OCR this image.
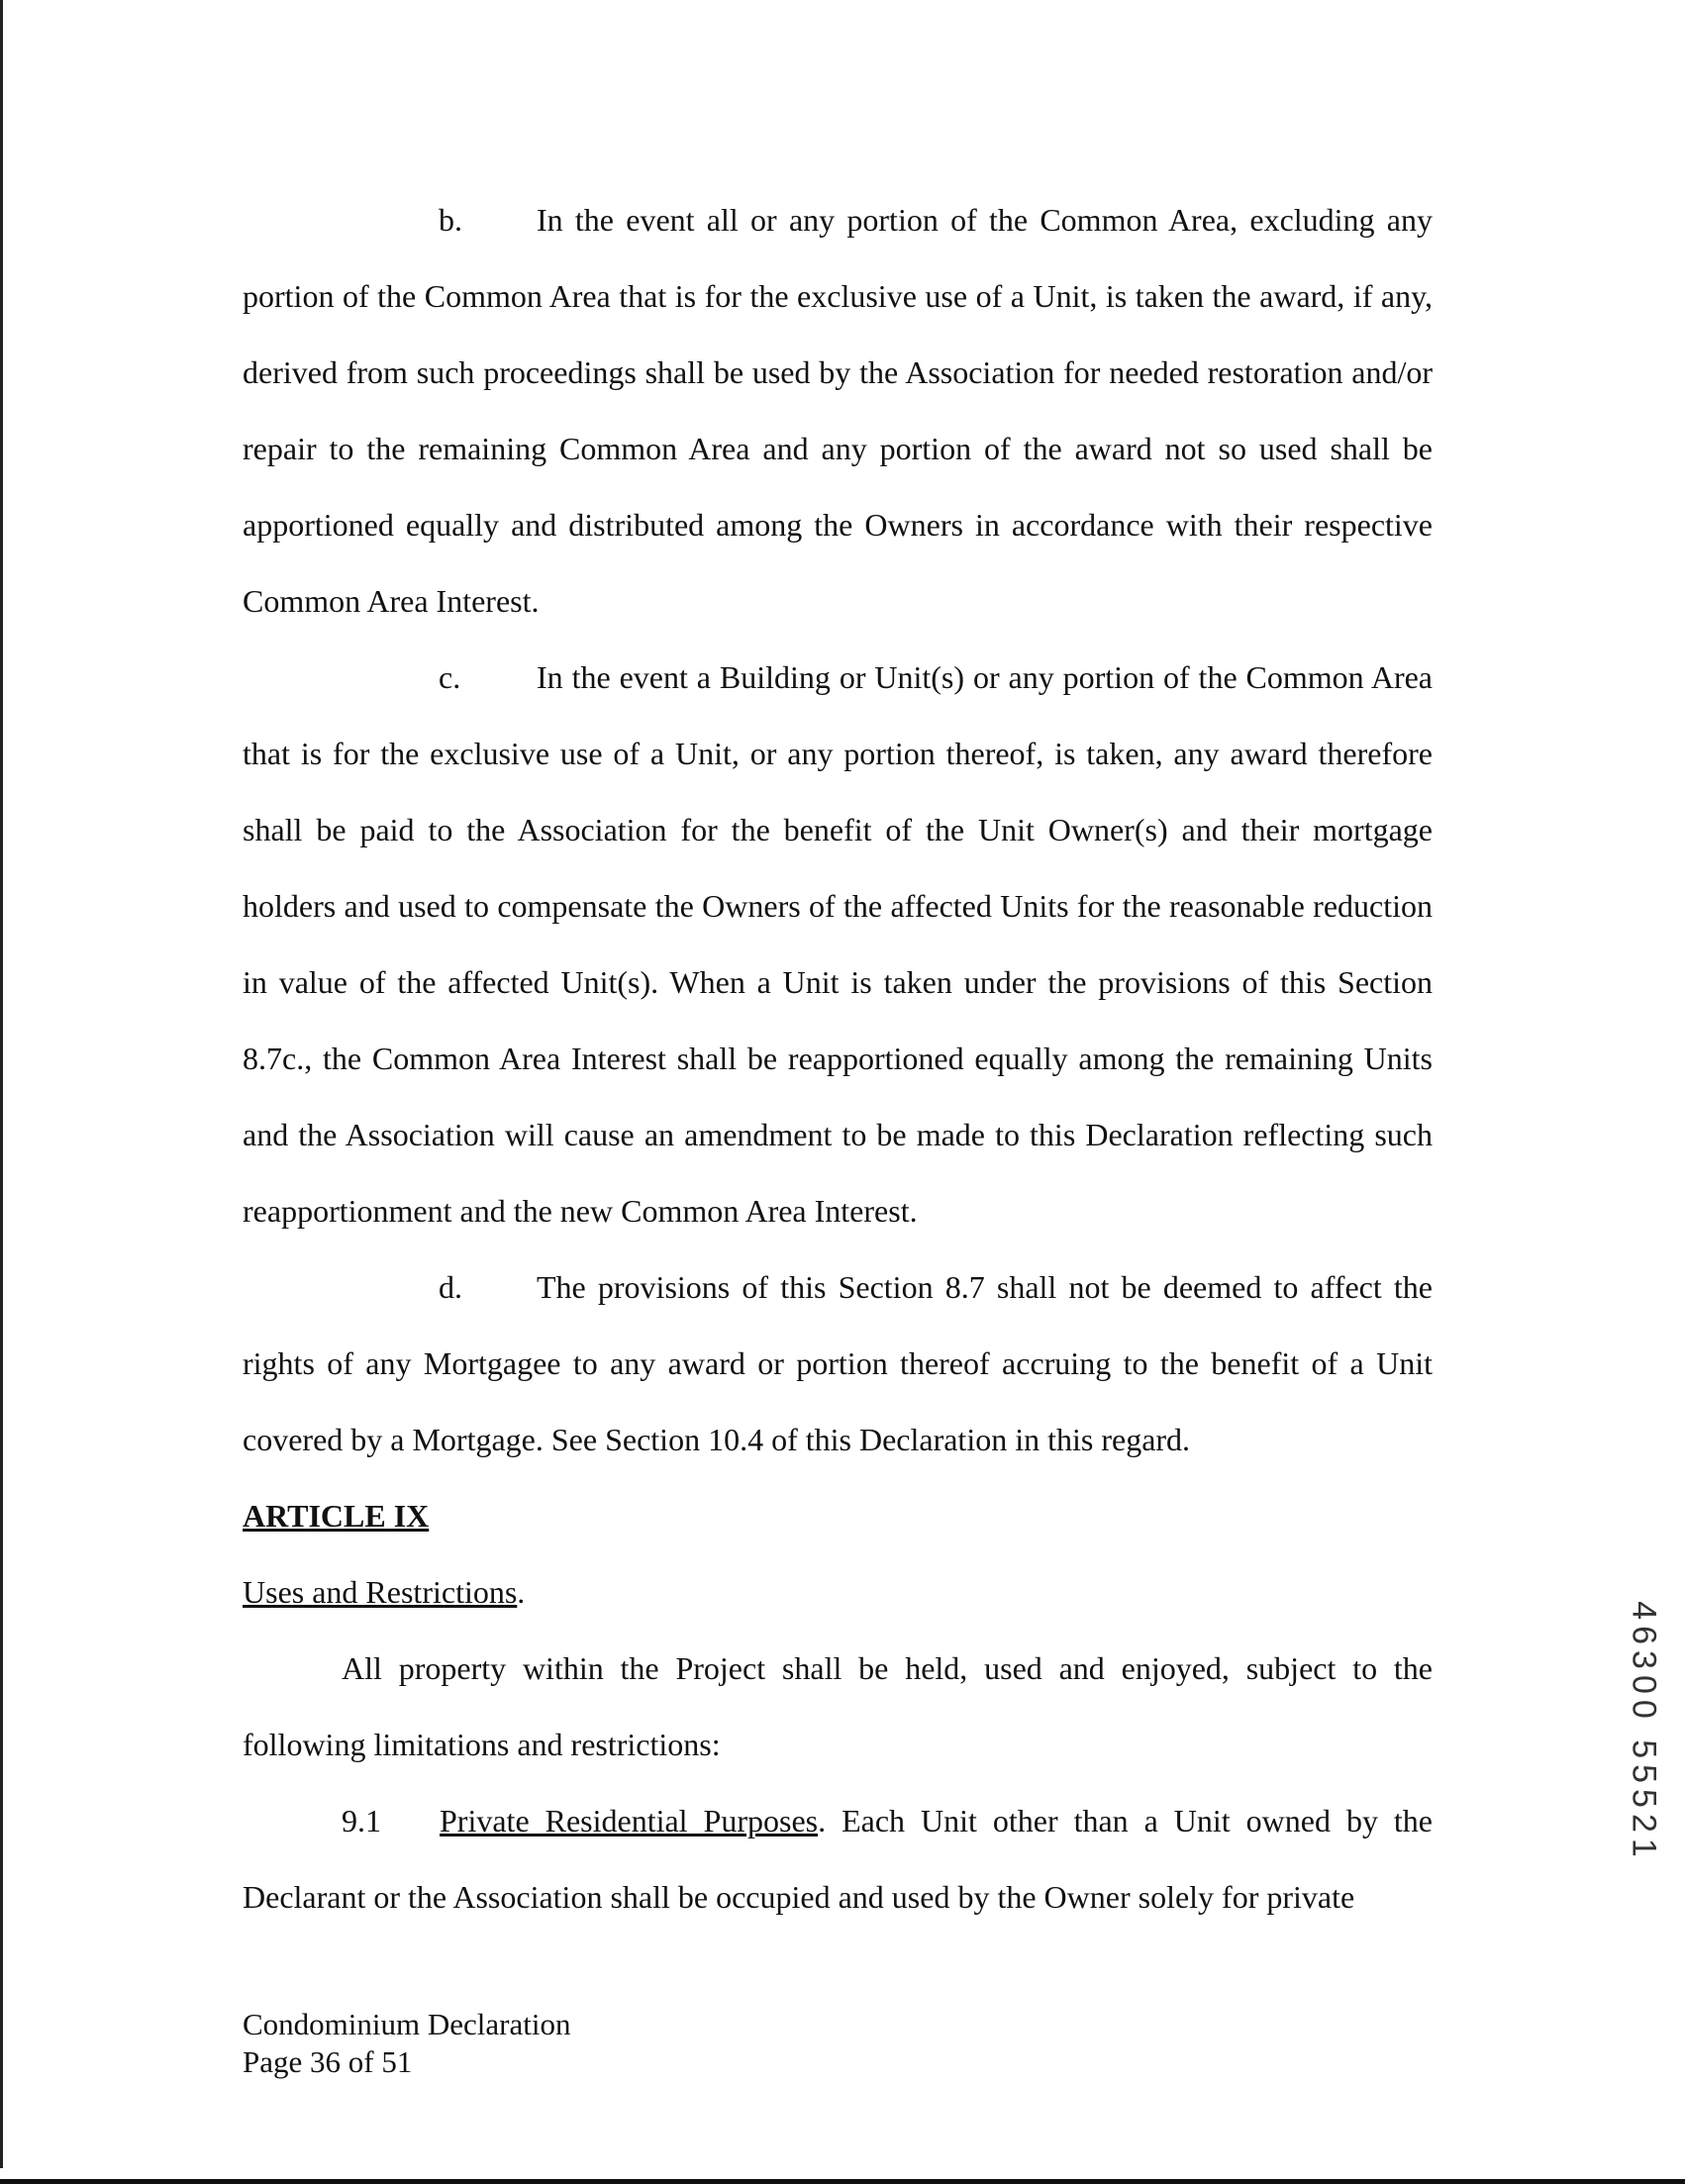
b. In the event all or any portion of the Common Area, excluding any portion of the Common Area that is for the exclusive use of a Unit, is taken the award, if any, derived from such proceedings shall be used by the Association for needed restoration and/or repair to the remaining Common Area and any portion of the award not so used shall be apportioned equally and distributed among the Owners in accordance with their respective Common Area Interest.

c. In the event a Building or Unit(s) or any portion of the Common Area that is for the exclusive use of a Unit, or any portion thereof, is taken, any award therefore shall be paid to the Association for the benefit of the Unit Owner(s) and their mortgage holders and used to compensate the Owners of the affected Units for the reasonable reduction in value of the affected Unit(s). When a Unit is taken under the provisions of this Section 8.7c., the Common Area Interest shall be reapportioned equally among the remaining Units and the Association will cause an amendment to be made to this Declaration reflecting such reapportionment and the new Common Area Interest.

d. The provisions of this Section 8.7 shall not be deemed to affect the rights of any Mortgagee to any award or portion thereof accruing to the benefit of a Unit covered by a Mortgage. See Section 10.4 of this Declaration in this regard.

ARTICLE IX

Uses and Restrictions.

All property within the Project shall be held, used and enjoyed, subject to the following limitations and restrictions:

9.1 Private Residential Purposes. Each Unit other than a Unit owned by the Declarant or the Association shall be occupied and used by the Owner solely for private

Condominium Declaration
Page 36 of 51
46300 55521
